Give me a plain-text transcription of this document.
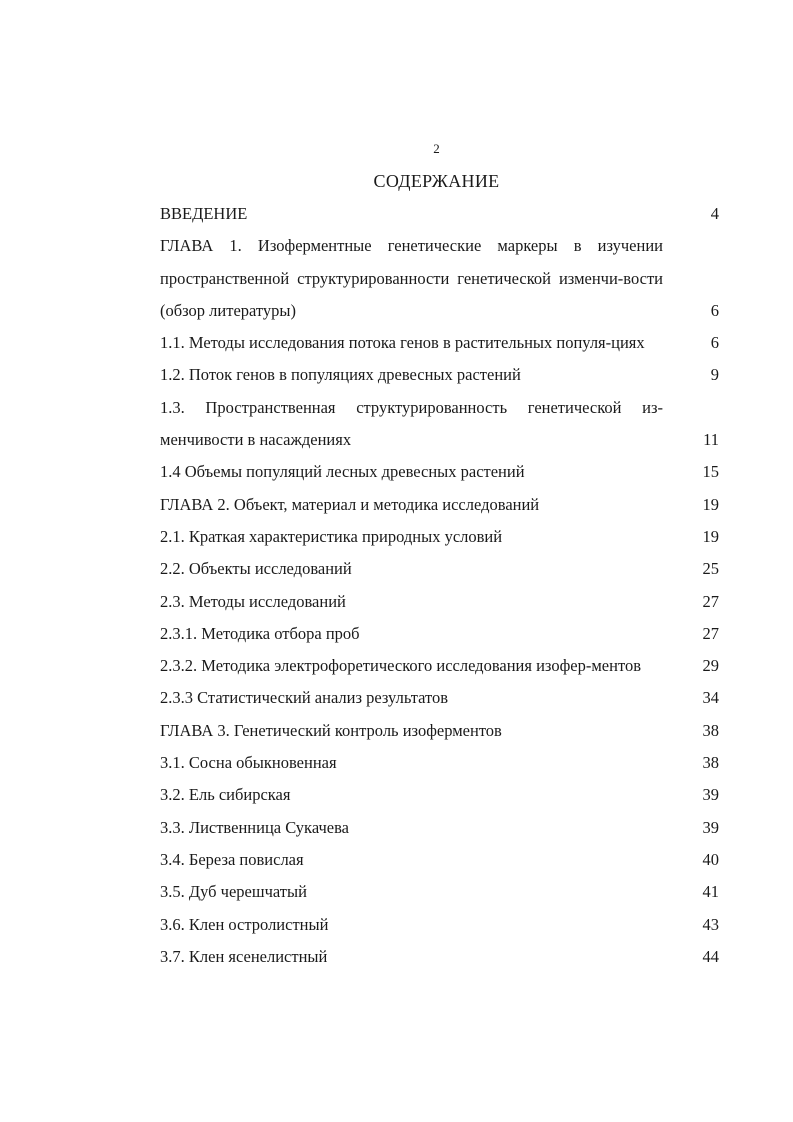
2
СОДЕРЖАНИЕ
ВВЕДЕНИЕ	4
ГЛАВА 1. Изоферментные генетические маркеры в изучении пространственной структурированности генетической изменчи-вости (обзор литературы)	6
1.1. Методы исследования потока генов в растительных популя-циях	6
1.2. Поток генов в популяциях древесных растений	9
1.3. Пространственная структурированность генетической из-менчивости в насаждениях	11
1.4 Объемы популяций лесных древесных растений	15
ГЛАВА 2. Объект, материал и методика исследований	19
2.1. Краткая характеристика природных условий	19
2.2. Объекты исследований	25
2.3. Методы исследований	27
2.3.1. Методика отбора проб	27
2.3.2. Методика электрофоретического исследования изофер-ментов	29
2.3.3 Статистический анализ результатов	34
ГЛАВА 3. Генетический контроль изоферментов	38
3.1. Сосна обыкновенная	38
3.2. Ель сибирская	39
3.3. Лиственница Сукачева	39
3.4. Береза повислая	40
3.5. Дуб черешчатый	41
3.6. Клен остролистный	43
3.7. Клен ясенелистный	44
